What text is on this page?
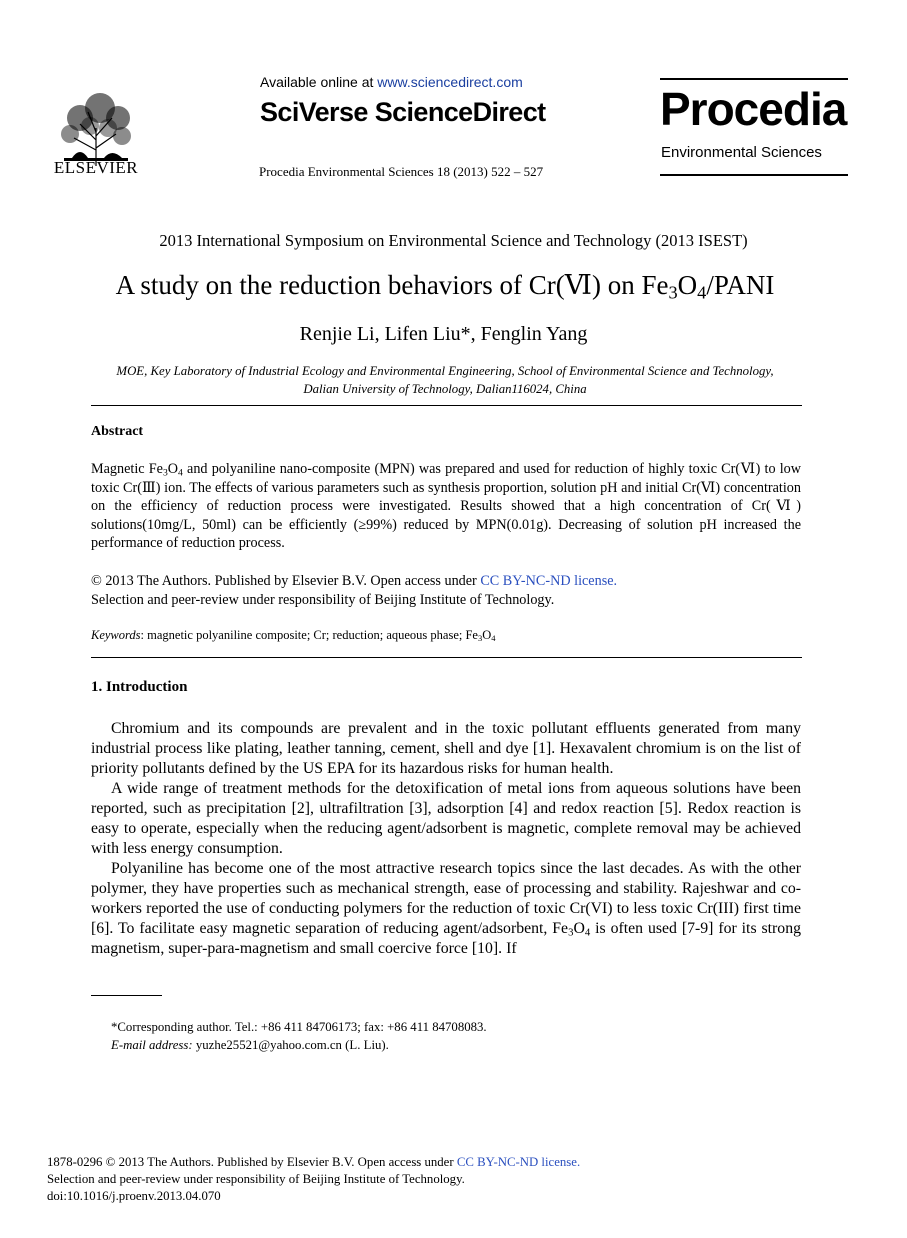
ELSEVIER
Available online at www.sciencedirect.com
SciVerse ScienceDirect
Procedia Environmental Sciences 18 (2013) 522 – 527
Procedia
Environmental Sciences
2013 International Symposium on Environmental Science and Technology (2013 ISEST)
A study on the reduction behaviors of Cr(Ⅵ) on $Fe_3O_4$/PANI
Renjie Li, Lifen Liu*, Fenglin Yang
MOE, Key Laboratory of Industrial Ecology and Environmental Engineering, School of Environmental Science and Technology,
Dalian University of Technology, Dalian116024, China
Abstract
Magnetic $Fe_3O_4$ and polyaniline nano-composite (MPN) was prepared and used for reduction of highly toxic Cr(Ⅵ) to low toxic Cr(Ⅲ) ion. The effects of various parameters such as synthesis proportion, solution pH and initial Cr(Ⅵ) concentration on the efficiency of reduction process were investigated. Results showed that a high concentration of Cr(Ⅵ) solutions(10mg/L, 50ml) can be efficiently (≥99%) reduced by MPN(0.01g). Decreasing of solution pH increased the performance of reduction process.
© 2013 The Authors. Published by Elsevier B.V. Open access under CC BY-NC-ND license.
Selection and peer-review under responsibility of Beijing Institute of Technology.
Keywords: magnetic polyaniline composite; Cr; reduction; aqueous phase; $Fe_3O_4$
1. Introduction

Chromium and its compounds are prevalent and in the toxic pollutant effluents generated from many industrial process like plating, leather tanning, cement, shell and dye [1]. Hexavalent chromium is on the list of priority pollutants defined by the US EPA for its hazardous risks for human health.

A wide range of treatment methods for the detoxification of metal ions from aqueous solutions have been reported, such as precipitation [2], ultrafiltration [3], adsorption [4] and redox reaction [5]. Redox reaction is easy to operate, especially when the reducing agent/adsorbent is magnetic, complete removal may be achieved with less energy consumption.

Polyaniline has become one of the most attractive research topics since the last decades. As with the other polymer, they have properties such as mechanical strength, ease of processing and stability. Rajeshwar and co-workers reported the use of conducting polymers for the reduction of toxic Cr(VI) to less toxic Cr(III) first time [6]. To facilitate easy magnetic separation of reducing agent/adsorbent, $Fe_3O_4$ is often used [7-9] for its strong magnetism, super-para-magnetism and small coercive force [10]. If

*Corresponding author. Tel.: +86 411 84706173; fax: +86 411 84708083.
E-mail address: yuzhe25521@yahoo.com.cn (L. Liu).
1878-0296 © 2013 The Authors. Published by Elsevier B.V. Open access under CC BY-NC-ND license.
Selection and peer-review under responsibility of Beijing Institute of Technology.
doi:10.1016/j.proenv.2013.04.070
